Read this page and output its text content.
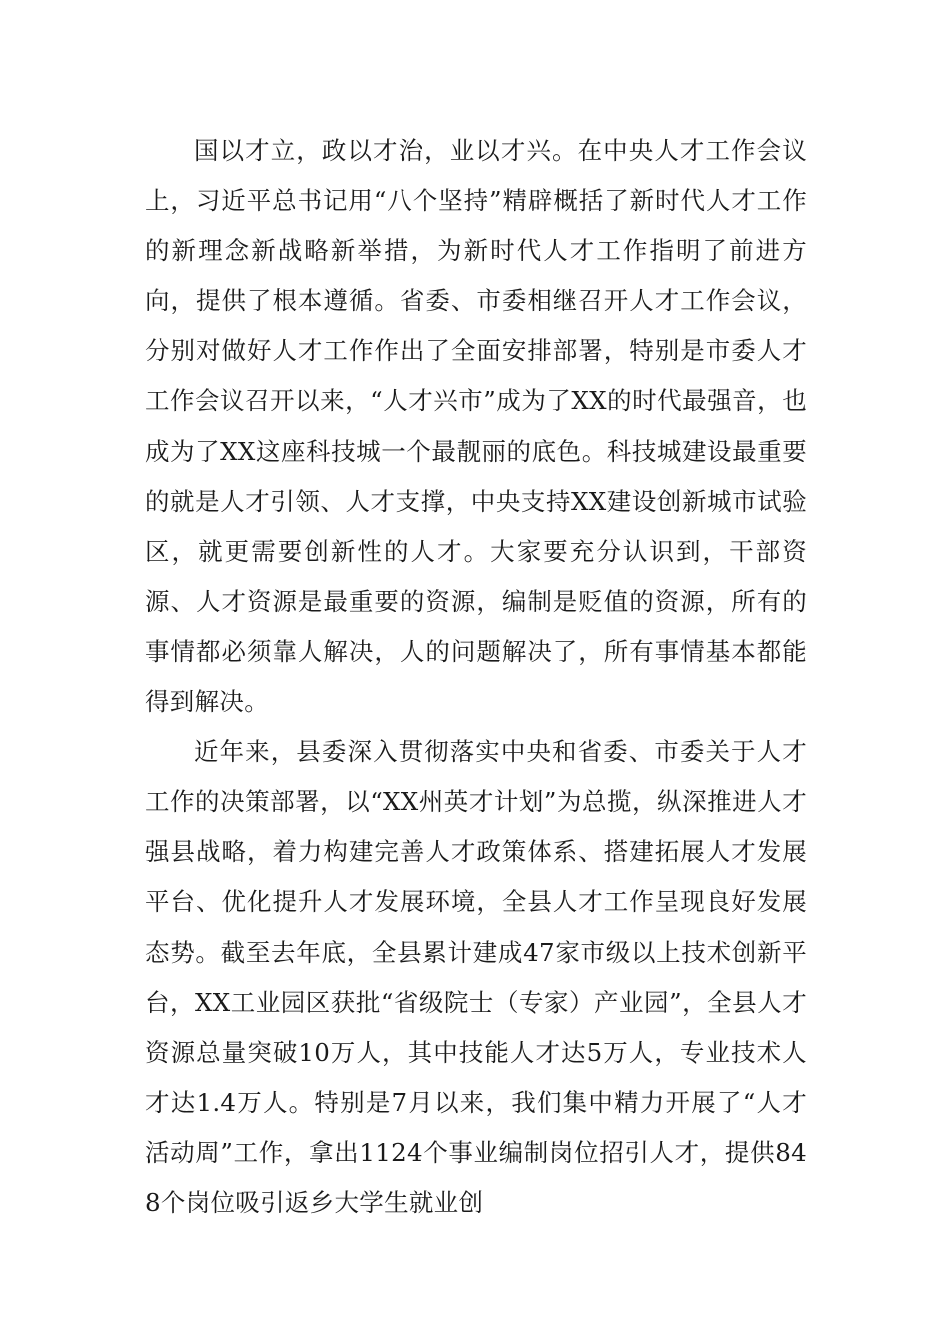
国以才立，政以才治，业以才兴。在中央人才工作会议上，习近平总书记用“八个坚持”精辟概括了新时代人才工作的新理念新战略新举措，为新时代人才工作指明了前进方向，提供了根本遵循。省委、市委相继召开人才工作会议，分别对做好人才工作作出了全面安排部署，特别是市委人才工作会议召开以来，“人才兴市”成为了XX的时代最强音，也成为了XX这座科技城一个最靓丽的底色。科技城建设最重要的就是人才引领、人才支撑，中央支持XX建设创新城市试验区，就更需要创新性的人才。大家要充分认识到，干部资源、人才资源是最重要的资源，编制是贬值的资源，所有的事情都必须靠人解决，人的问题解决了，所有事情基本都能得到解决。

近年来，县委深入贯彻落实中央和省委、市委关于人才工作的决策部署，以“XX州英才计划”为总揽，纵深推进人才强县战略，着力构建完善人才政策体系、搭建拓展人才发展平台、优化提升人才发展环境，全县人才工作呈现良好发展态势。截至去年底，全县累计建成47家市级以上技术创新平台，XX工业园区获批“省级院士（专家）产业园”，全县人才资源总量突破10万人，其中技能人才达5万人，专业技术人才达1.4万人。特别是7月以来，我们集中精力开展了“人才活动周”工作，拿出1124个事业编制岗位招引人才，提供848个岗位吸引返乡大学生就业创
